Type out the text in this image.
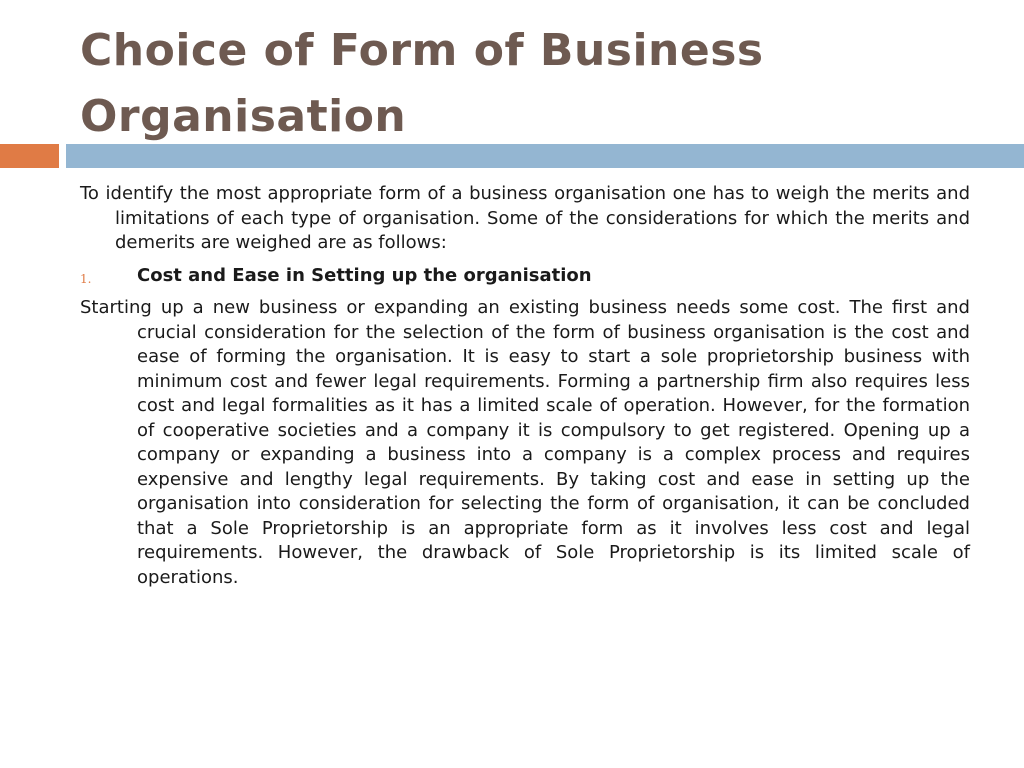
Choice of Form of Business Organisation

To identify the most appropriate form of a business organisation one has to weigh the merits and limitations of each type of organisation. Some of the considerations for which the merits and demerits are weighed are as follows:

1.	Cost and Ease in Setting up the organisation

Starting up a new business or expanding an existing business needs some cost. The first and crucial consideration for the selection of the form of business organisation is the cost and ease of forming the organisation. It is easy to start a sole proprietorship business with minimum cost and fewer legal requirements. Forming a partnership firm also requires less cost and legal formalities as it has a limited scale of operation. However, for the formation of cooperative societies and a company it is compulsory to get registered. Opening up a company or expanding a business into a company is a complex process and requires expensive and lengthy legal requirements. By taking cost and ease in setting up the organisation into consideration for selecting the form of organisation, it can be concluded that a Sole Proprietorship is an appropriate form as it involves less cost and legal requirements. However, the drawback of Sole Proprietorship is its limited scale of operations.
